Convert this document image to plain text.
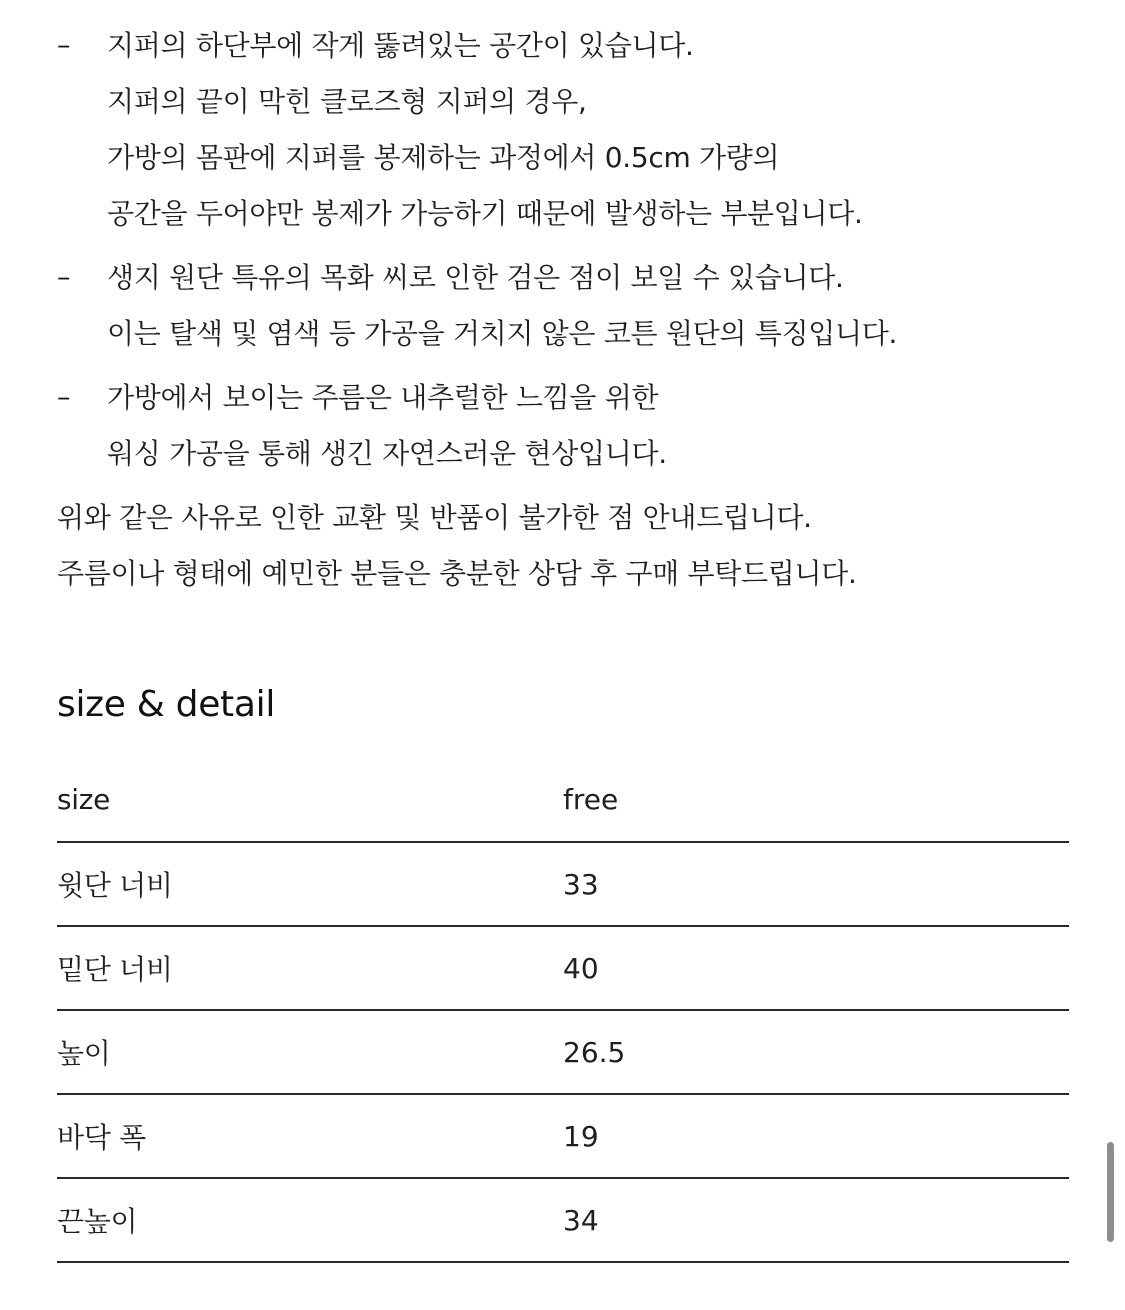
–	지퍼의 하단부에 작게 뚫려있는 공간이 있습니다.
지퍼의 끝이 막힌 클로즈형 지퍼의 경우,
가방의 몸판에 지퍼를 봉제하는 과정에서 0.5cm 가량의
공간을 두어야만 봉제가 가능하기 때문에 발생하는 부분입니다.
–	생지 원단 특유의 목화 씨로 인한 검은 점이 보일 수 있습니다.
이는 탈색 및 염색 등 가공을 거치지 않은 코튼 원단의 특징입니다.
–	가방에서 보이는 주름은 내추럴한 느낌을 위한
워싱 가공을 통해 생긴 자연스러운 현상입니다.
위와 같은 사유로 인한 교환 및 반품이 불가한 점 안내드립니다.
주름이나 형태에 예민한 분들은 충분한 상담 후 구매 부탁드립니다.
size & detail
size	free
윗단 너비	33
밑단 너비	40
높이	26.5
바닥 폭	19
끈높이	34
